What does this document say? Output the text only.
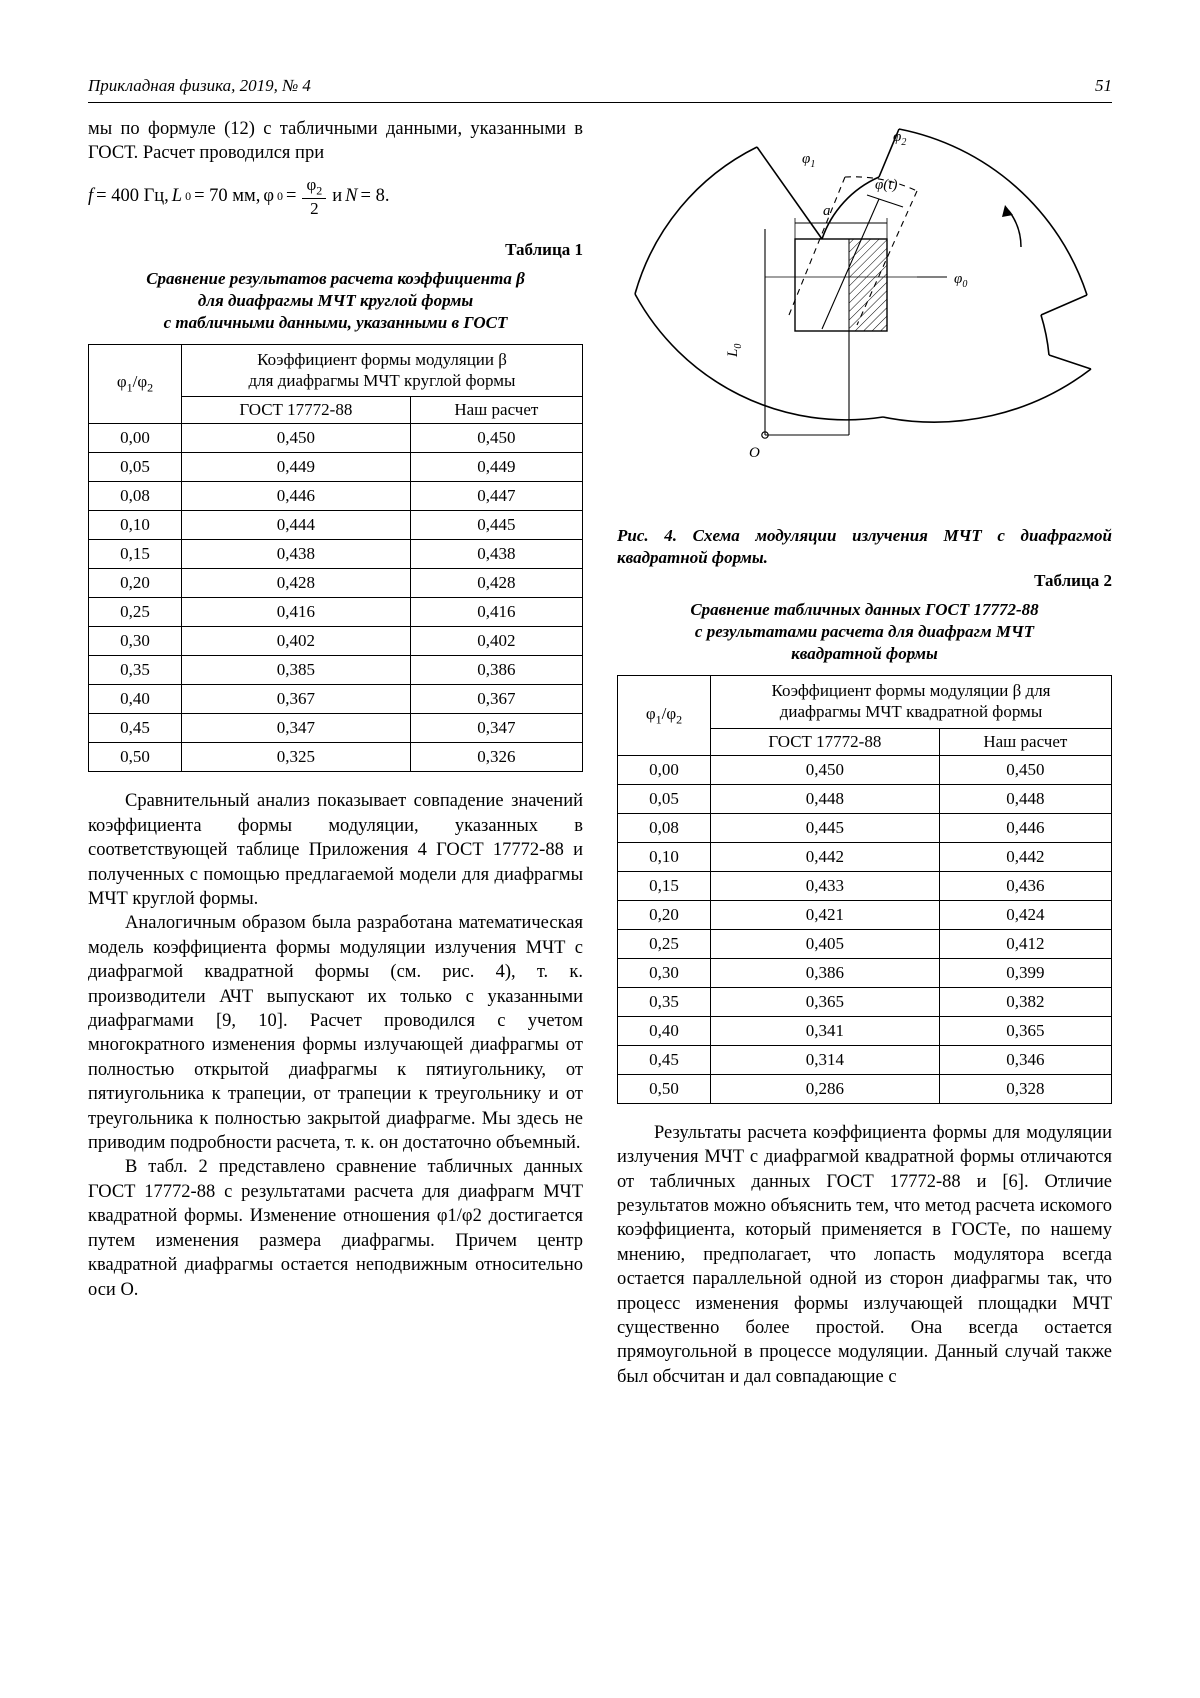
Прикладная физика, 2019, № 4	51

мы по формуле (12) с табличными данными, указанными в ГОСТ. Расчет проводился при

f = 400 Гц, L 0 = 70 мм, φ $0 = \frac{\varphi_2}{2}$ и N = 8.
Таблица 1
Сравнение результатов расчета коэффициента β
для диафрагмы МЧТ круглой формы
с табличными данными, указанными в ГОСТ
$\varphi_1/\varphi_2$	Коэффициент формы модуляции β
для диафрагмы МЧТ круглой формы	

	ГОСТ 17772-88	Наш расчет
0,00	0,450	0,450
0,05	0,449	0,449
0,08	0,446	0,447
0,10	0,444	0,445
0,15	0,438	0,438
0,20	0,428	0,428
0,25	0,416	0,416
0,30	0,402	0,402
0,35	0,385	0,386
0,40	0,367	0,367
0,45	0,347	0,347
0,50	0,325	0,326

Сравнительный анализ показывает совпадение значений коэффициента формы модуляции, указанных в соответствующей таблице Приложения 4 ГОСТ 17772-88 и полученных с помощью предлагаемой модели для диафрагмы МЧТ круглой формы.

Аналогичным образом была разработана математическая модель коэффициента формы модуляции излучения МЧТ с диафрагмой квадратной формы (см. рис. 4), т. к. производители АЧТ выпускают их только с указанными диафрагмами [9, 10]. Расчет проводился с учетом многократного изменения формы излучающей диафрагмы от полностью открытой диафрагмы к пятиугольнику, от пятиугольника к трапеции, от трапеции к треугольнику и от треугольника к полностью закрытой диафрагме. Мы здесь не приводим подробности расчета, т. к. он достаточно объемный.

В табл. 2 представлено сравнение табличных данных ГОСТ 17772-88 с результатами расчета для диафрагм МЧТ квадратной формы. Изменение отношения φ1/φ2 достигается путем изменения размера диафрагмы. Причем центр квадратной диафрагмы остается неподвижным относительно оси O.

$\varphi_2$
$\varphi_1$
φ(t)
$\varphi_0$
a
$L_0$
O
Рис. 4. Схема модуляции излучения МЧТ с диафрагмой квадратной формы.
Таблица 2
Сравнение табличных данных ГОСТ 17772-88
с результатами расчета для диафрагм МЧТ
квадратной формы
$\varphi_1/\varphi_2$	Коэффициент формы модуляции β для
диафрагмы МЧТ квадратной формы	

	ГОСТ 17772-88	Наш расчет
0,00	0,450	0,450
0,05	0,448	0,448
0,08	0,445	0,446
0,10	0,442	0,442
0,15	0,433	0,436
0,20	0,421	0,424
0,25	0,405	0,412
0,30	0,386	0,399
0,35	0,365	0,382
0,40	0,341	0,365
0,45	0,314	0,346
0,50	0,286	0,328

Результаты расчета коэффициента формы для модуляции излучения МЧТ с диафрагмой квадратной формы отличаются от табличных данных ГОСТ 17772-88 и [6]. Отличие результатов можно объяснить тем, что метод расчета искомого коэффициента, который применяется в ГОСТе, по нашему мнению, предполагает, что лопасть модулятора всегда остается параллельной одной из сторон диафрагмы так, что процесс изменения формы излучающей площадки МЧТ существенно более простой. Она всегда остается прямоугольной в процессе модуляции. Данный случай также был обсчитан и дал совпадающие с
